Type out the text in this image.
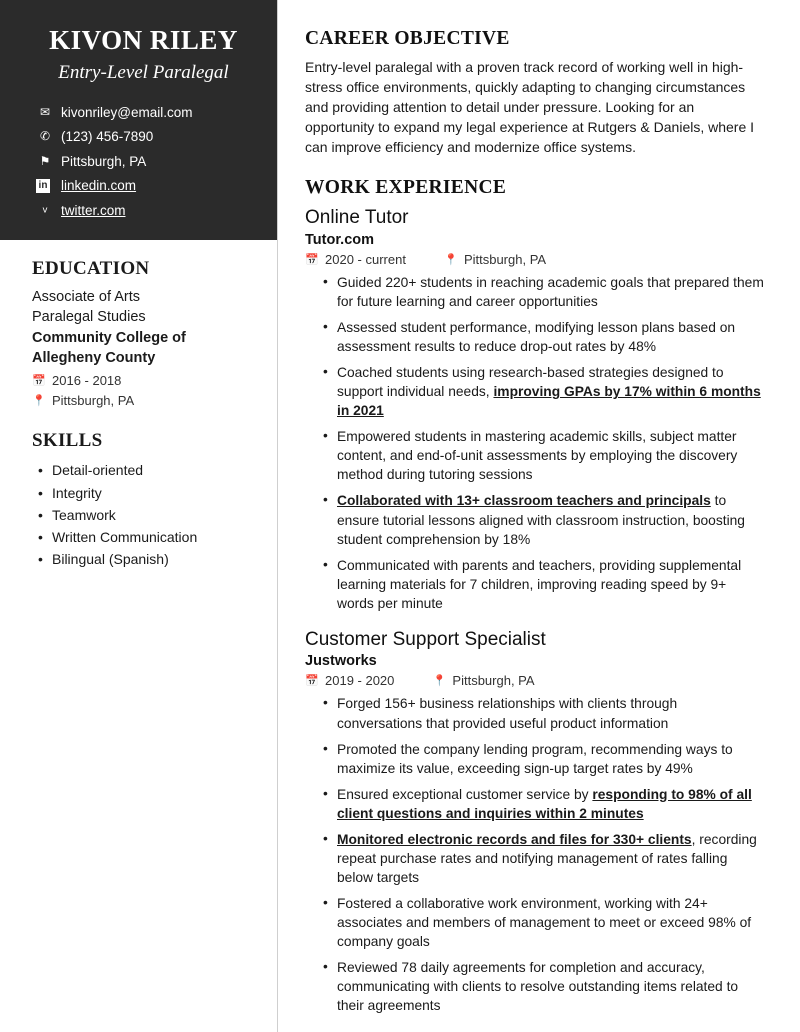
KIVON RILEY
Entry-Level Paralegal
✉ kivonriley@email.com
✆ (123) 456-7890
⚑ Pittsburgh, PA
in linkedin.com
ᵛ	twitter.com
EDUCATION
Associate of Arts
Paralegal Studies
Community College of Allegheny County
📅 2016 - 2018
📍 Pittsburgh, PA
SKILLS
• Detail-oriented
• Integrity
• Teamwork
• Written Communication
• Bilingual (Spanish)
CAREER OBJECTIVE
Entry-level paralegal with a proven track record of working well in high-stress office environments, quickly adapting to changing circumstances and providing attention to detail under pressure. Looking for an opportunity to expand my legal experience at Rutgers & Daniels, where I can improve efficiency and modernize office systems.
WORK EXPERIENCE
Online Tutor
Tutor.com
📅 2020 - current	📍 Pittsburgh, PA
• Guided 220+ students in reaching academic goals that prepared them for future learning and career opportunities
• Assessed student performance, modifying lesson plans based on assessment results to reduce drop-out rates by 48%
• Coached students using research-based strategies designed to support individual needs, improving GPAs by 17% within 6 months in 2021
• Empowered students in mastering academic skills, subject matter content, and end-of-unit assessments by employing the discovery method during tutoring sessions
• Collaborated with 13+ classroom teachers and principals to ensure tutorial lessons aligned with classroom instruction, boosting student comprehension by 18%
• Communicated with parents and teachers, providing supplemental learning materials for 7 children, improving reading speed by 9+ words per minute
Customer Support Specialist
Justworks
📅 2019 - 2020	📍 Pittsburgh, PA
• Forged 156+ business relationships with clients through conversations that provided useful product information
• Promoted the company lending program, recommending ways to maximize its value, exceeding sign-up target rates by 49%
• Ensured exceptional customer service by responding to 98% of all client questions and inquiries within 2 minutes
• Monitored electronic records and files for 330+ clients, recording repeat purchase rates and notifying management of rates falling below targets
• Fostered a collaborative work environment, working with 24+ associates and members of management to meet or exceed 98% of company goals
• Reviewed 78 daily agreements for completion and accuracy, communicating with clients to resolve outstanding items related to their agreements
